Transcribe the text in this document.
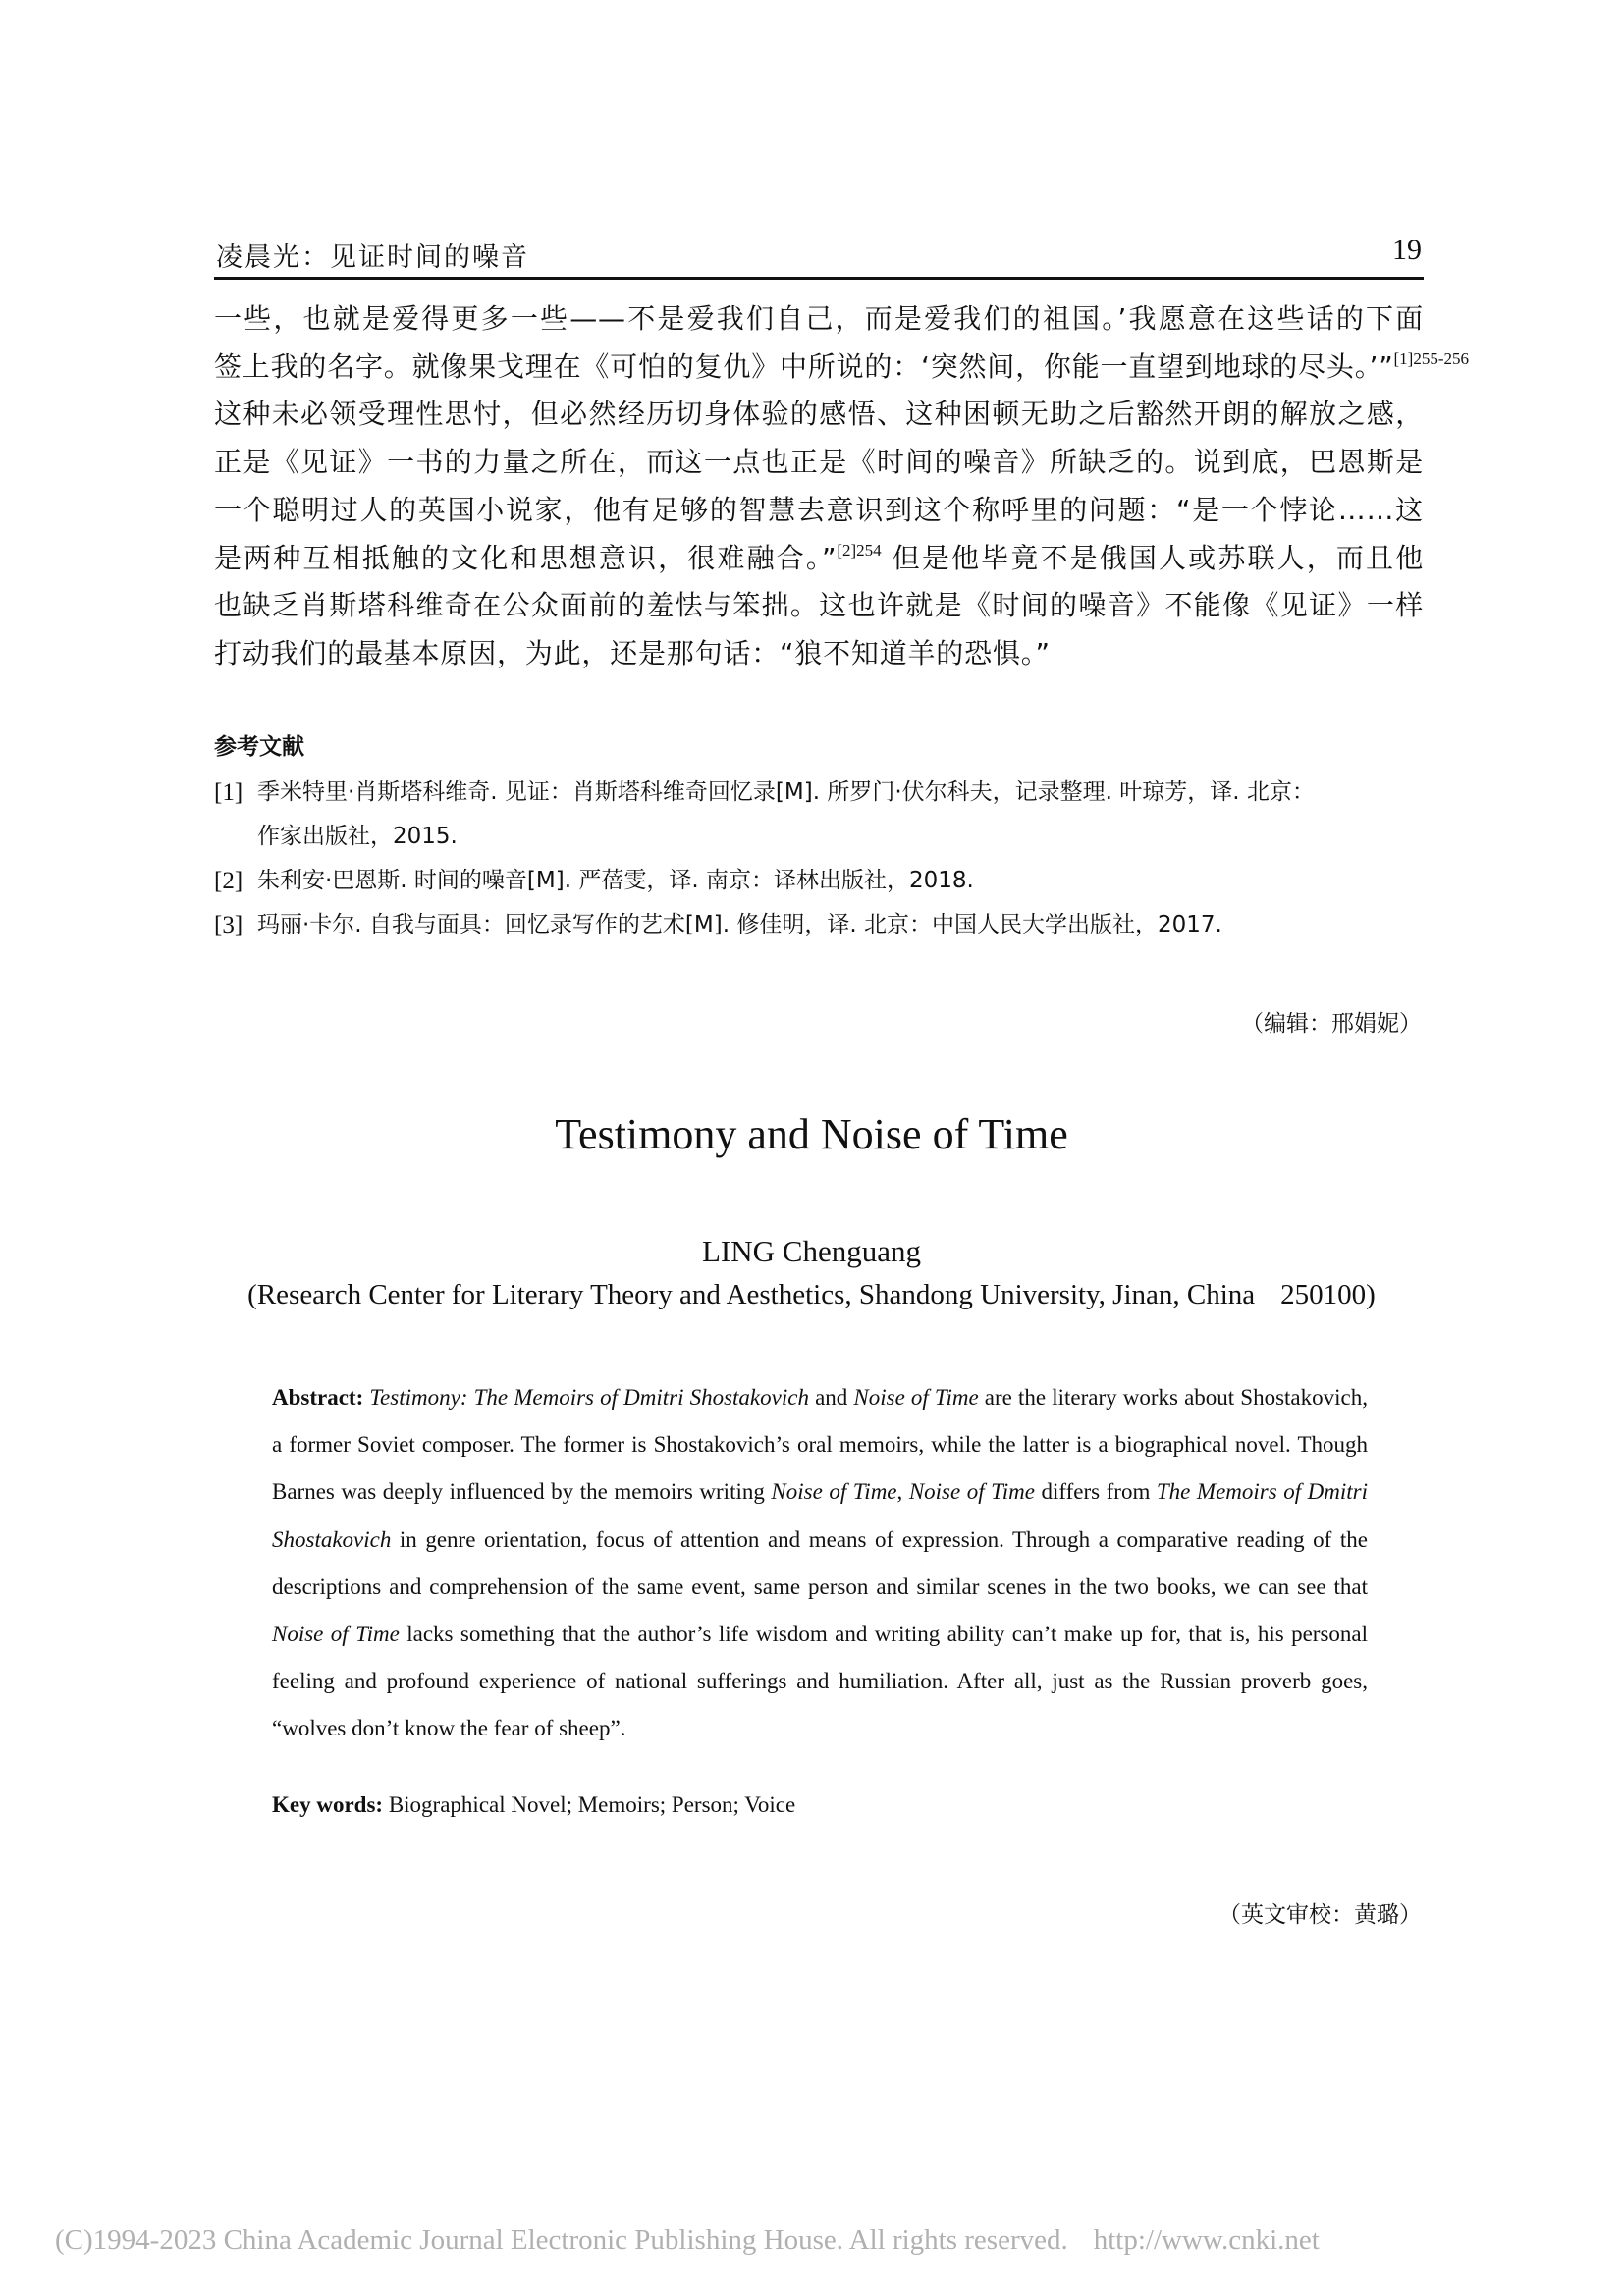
凌晨光：见证时间的噪音	19
一些，也就是爱得更多一些——不是爱我们自己，而是爱我们的祖国。’我愿意在这些话的下面
签上我的名字。就像果戈理在《可怕的复仇》中所说的：‘突然间，你能一直望到地球的尽头。’”$^{[1]255-256}$
这种未必领受理性思忖，但必然经历切身体验的感悟、这种困顿无助之后豁然开朗的解放之感，
正是《见证》一书的力量之所在，而这一点也正是《时间的噪音》所缺乏的。说到底，巴恩斯是
一个聪明过人的英国小说家，他有足够的智慧去意识到这个称呼里的问题：“是一个悖论……这
是两种互相抵触的文化和思想意识，很难融合。”$^{[2]254}$ 但是他毕竟不是俄国人或苏联人，而且他
也缺乏肖斯塔科维奇在公众面前的羞怯与笨拙。这也许就是《时间的噪音》不能像《见证》一样
打动我们的最基本原因，为此，还是那句话：“狼不知道羊的恐惧。”
参考文献
[1] 季米特里·肖斯塔科维奇. 见证：肖斯塔科维奇回忆录[M]. 所罗门·伏尔科夫，记录整理. 叶琼芳，译. 北京：
作家出版社，2015.
[2] 朱利安·巴恩斯. 时间的噪音[M]. 严蓓雯，译. 南京：译林出版社，2018.
[3] 玛丽·卡尔. 自我与面具：回忆录写作的艺术[M]. 修佳明，译. 北京：中国人民大学出版社，2017.
（编辑：邢娟妮）
Testimony and Noise of Time
LING Chenguang
(Research Center for Literary Theory and Aesthetics, Shandong University, Jinan, China 250100)
Abstract: Testimony: The Memoirs of Dmitri Shostakovich and Noise of Time are the literary works about Shostakovich, a former Soviet composer. The former is Shostakovich’s oral memoirs, while the latter is a biographical novel. Though Barnes was deeply influenced by the memoirs writing Noise of Time, Noise of Time differs from The Memoirs of Dmitri Shostakovich in genre orientation, focus of attention and means of expression. Through a comparative reading of the descriptions and comprehension of the same event, same person and similar scenes in the two books, we can see that Noise of Time lacks something that the author’s life wisdom and writing ability can’t make up for, that is, his personal feeling and profound experience of national sufferings and humiliation. After all, just as the Russian proverb goes, “wolves don’t know the fear of sheep”.
Key words: Biographical Novel; Memoirs; Person; Voice
（英文审校：黄璐）
(C)1994-2023 China Academic Journal Electronic Publishing House. All rights reserved. http://www.cnki.net
